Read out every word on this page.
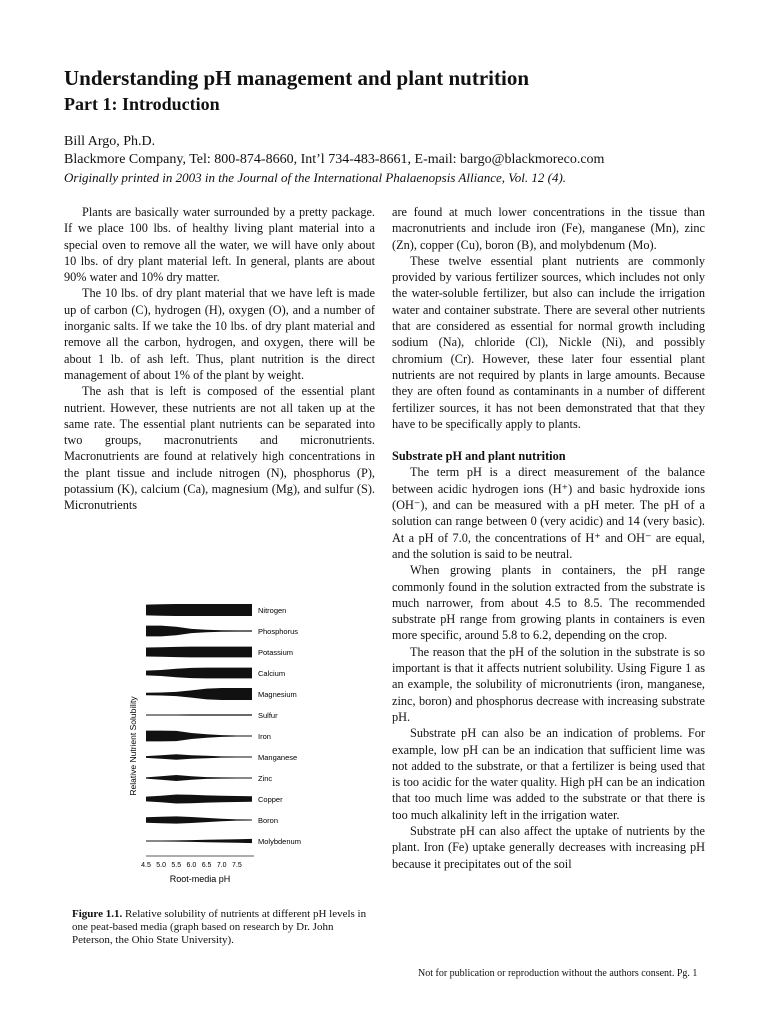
Understanding pH management and plant nutrition
Part 1: Introduction
Bill Argo, Ph.D.
Blackmore Company, Tel: 800-874-8660, Int’l 734-483-8661, E-mail: bargo@blackmoreco.com
Originally printed in 2003 in the Journal of the International Phalaenopsis Alliance, Vol. 12 (4).

Plants are basically water surrounded by a pretty package. If we place 100 lbs. of healthy living plant material into a special oven to remove all the water, we will have only about 10 lbs. of dry plant material left. In general, plants are about 90% water and 10% dry matter.

The 10 lbs. of dry plant material that we have left is made up of carbon (C), hydrogen (H), oxygen (O), and a number of inorganic salts. If we take the 10 lbs. of dry plant material and remove all the carbon, hydrogen, and oxygen, there will be about 1 lb. of ash left. Thus, plant nutrition is the direct management of about 1% of the plant by weight.

The ash that is left is composed of the essential plant nutrient. However, these nutrients are not all taken up at the same rate. The essential plant nutrients can be separated into two groups, macronutrients and micronutrients. Macronutrients are found at relatively high concentrations in the plant tissue and include nitrogen (N), phosphorus (P), potassium (K), calcium (Ca), magnesium (Mg), and sulfur (S). Micronutrients

are found at much lower concentrations in the tissue than macronutrients and include iron (Fe), manganese (Mn), zinc (Zn), copper (Cu), boron (B), and molybdenum (Mo).

These twelve essential plant nutrients are commonly provided by various fertilizer sources, which includes not only the water-soluble fertilizer, but also can include the irrigation water and container substrate. There are several other nutrients that are considered as essential for normal growth including sodium (Na), chloride (Cl), Nickle (Ni), and possibly chromium (Cr). However, these later four essential plant nutrients are not required by plants in large amounts. Because they are often found as contaminants in a number of different fertilizer sources, it has not been demonstrated that that they have to be specifically apply to plants.

Substrate pH and plant nutrition

The term pH is a direct measurement of the balance between acidic hydrogen ions (H⁺) and basic hydroxide ions (OH⁻), and can be measured with a pH meter. The pH of a solution can range between 0 (very acidic) and 14 (very basic). At a pH of 7.0, the concentrations of H⁺ and OH⁻ are equal, and the solution is said to be neutral.

When growing plants in containers, the pH range commonly found in the solution extracted from the substrate is much narrower, from about 4.5 to 8.5. The recommended substrate pH range from growing plants in containers is even more specific, around 5.8 to 6.2, depending on the crop.

The reason that the pH of the solution in the substrate is so important is that it affects nutrient solubility. Using Figure 1 as an example, the solubility of micronutrients (iron, manganese, zinc, boron) and phosphorus decrease with increasing substrate pH.

Substrate pH can also be an indication of problems. For example, low pH can be an indication that sufficient lime was not added to the substrate, or that a fertilizer is being used that is too acidic for the water quality. High pH can be an indication that too much lime was added to the substrate or that there is too much alkalinity left in the irrigation water.

Substrate pH can also affect the uptake of nutrients by the plant. Iron (Fe) uptake generally decreases with increasing pH because it precipitates out of the soil

Nitrogen
Phosphorus
Potassium
Calcium
Magnesium
Sulfur
Iron
Manganese
Zinc
Copper
Boron
Molybdenum
4.5 5.0 5.5 6.0 6.5 7.0 7.5
Relative Nutrient Solubility
Root-media pH
Figure 1.1. Relative solubility of nutrients at different pH levels in one peat-based media (graph based on research by Dr. John Peterson, the Ohio State University).
Not for publication or reproduction without the authors consent. Pg. 1
